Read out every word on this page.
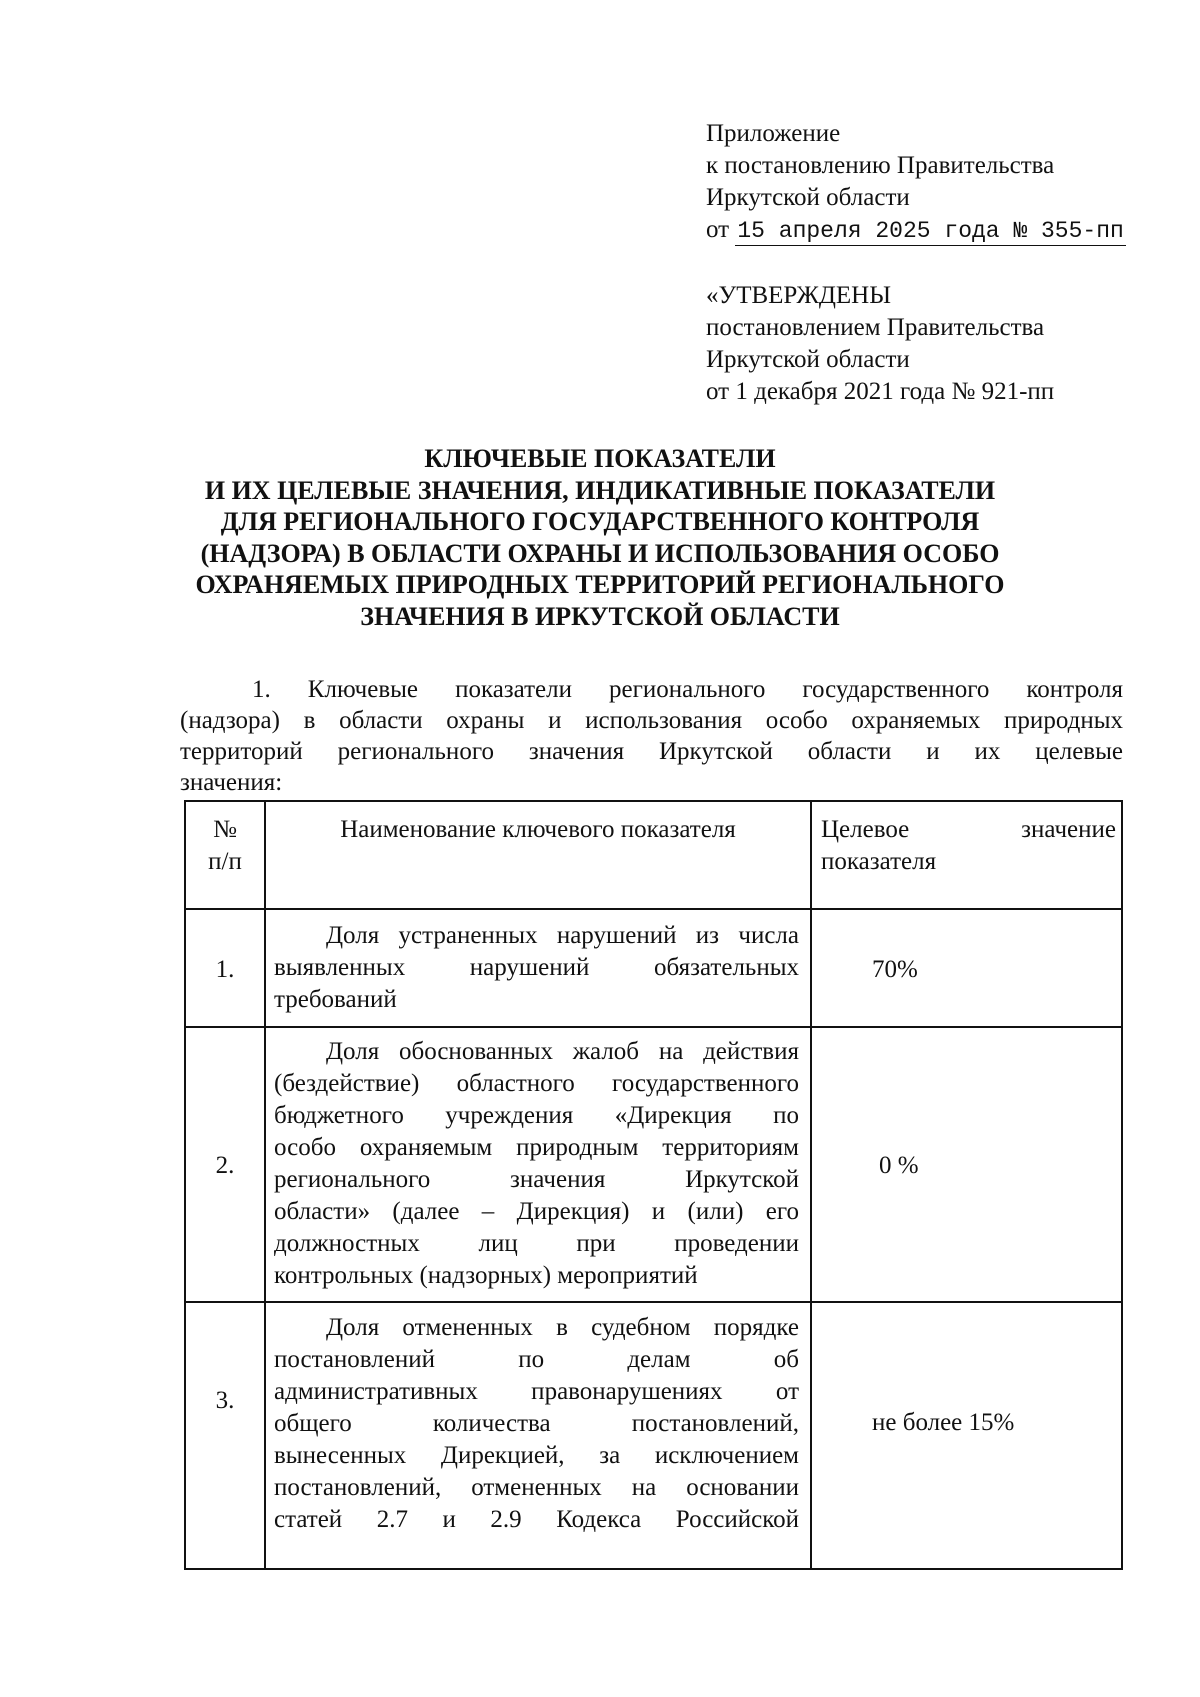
Приложение
к постановлению Правительства
Иркутской области
от 15 апреля 2025 года № 355-пп
«УТВЕРЖДЕНЫ
постановлением Правительства
Иркутской области
от 1 декабря 2021 года № 921-пп
КЛЮЧЕВЫЕ ПОКАЗАТЕЛИ
И ИХ ЦЕЛЕВЫЕ ЗНАЧЕНИЯ, ИНДИКАТИВНЫЕ ПОКАЗАТЕЛИ
ДЛЯ РЕГИОНАЛЬНОГО ГОСУДАРСТВЕННОГО КОНТРОЛЯ
(НАДЗОРА) В ОБЛАСТИ ОХРАНЫ И ИСПОЛЬЗОВАНИЯ ОСОБО
ОХРАНЯЕМЫХ ПРИРОДНЫХ ТЕРРИТОРИЙ РЕГИОНАЛЬНОГО
ЗНАЧЕНИЯ В ИРКУТСКОЙ ОБЛАСТИ
1. Ключевые показатели регионального государственного контроля
(надзора) в области охраны и использования особо охраняемых природных
территорий регионального значения Иркутской области и их целевые
значения:
№
п/п
Наименование ключевого показателя	Целевое значение
показателя
1.
Доля устраненных нарушений из числа
выявленных нарушений обязательных
требований
70%
2.
Доля обоснованных жалоб на действия
(бездействие) областного государственного
бюджетного учреждения «Дирекция по
особо охраняемым природным территориям
регионального значения Иркутской
области» (далее – Дирекция) и (или) его
должностных лиц при проведении
контрольных (надзорных) мероприятий
0 %
3.
Доля отмененных в судебном порядке
постановлений по делам об
административных правонарушениях от
общего количества постановлений,
вынесенных Дирекцией, за исключением
постановлений, отмененных на основании
статей 2.7 и 2.9 Кодекса Российской
не более 15%
